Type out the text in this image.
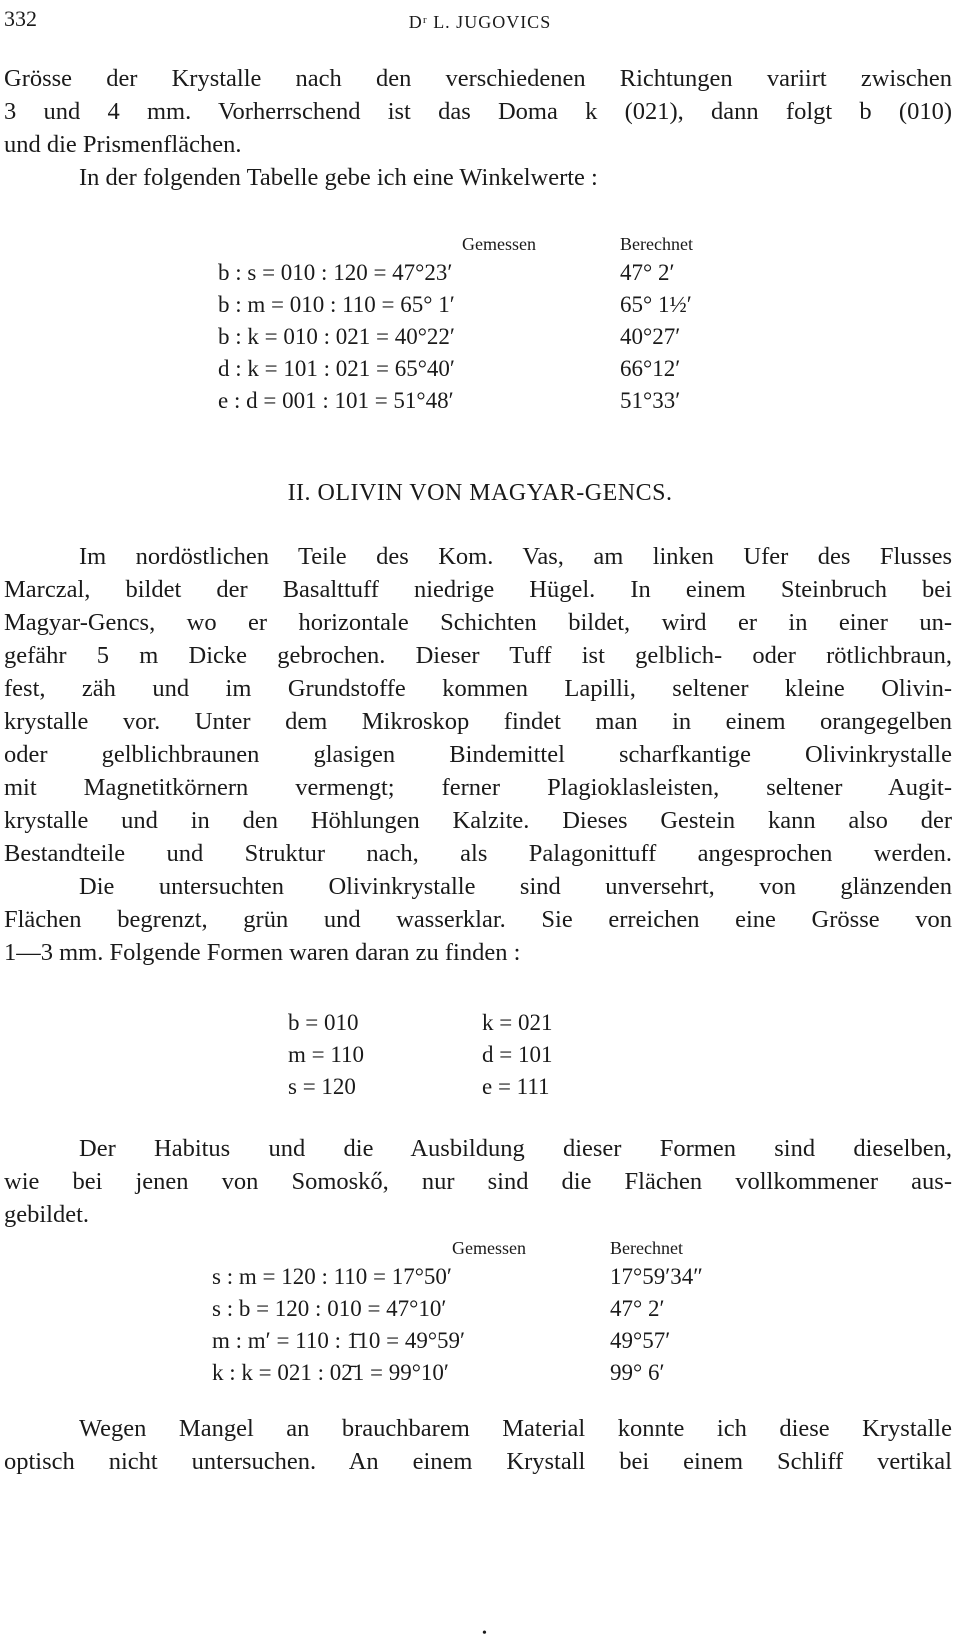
332	Dʳ L. JUGOVICS
Grösse der Krystalle nach den verschiedenen Richtungen variirt zwischen
3 und 4 mm. Vorherrschend ist das Doma k (021), dann folgt b (010)
und die Prismenflächen.
In der folgenden Tabelle gebe ich eine Winkelwerte :
Gemessen	Berechnet
b : s = 010 : 120 = 47°23′	47° 2′
b : m = 010 : 110 = 65° 1′	65° 1½′
b : k = 010 : 021 = 40°22′	40°27′
d : k = 101 : 021 = 65°40′	66°12′
e : d = 001 : 101 = 51°48′	51°33′
II. OLIVIN VON MAGYAR-GENCS.
Im nordöstlichen Teile des Kom. Vas, am linken Ufer des Flusses
Marczal, bildet der Basalttuff niedrige Hügel. In einem Steinbruch bei
Magyar-Gencs, wo er horizontale Schichten bildet, wird er in einer un-
gefähr 5 m Dicke gebrochen. Dieser Tuff ist gelblich- oder rötlichbraun,
fest, zäh und im Grundstoffe kommen Lapilli, seltener kleine Olivin-
krystalle vor. Unter dem Mikroskop findet man in einem orangegelben
oder gelblichbraunen glasigen Bindemittel scharfkantige Olivinkrystalle
mit Magnetitkörnern vermengt; ferner Plagioklasleisten, seltener Augit-
krystalle und in den Höhlungen Kalzite. Dieses Gestein kann also der
Bestandteile und Struktur nach, als Palagonittuff angesprochen werden.
Die untersuchten Olivinkrystalle sind unversehrt, von glänzenden
Flächen begrenzt, grün und wasserklar. Sie erreichen eine Grösse von
1—3 mm. Folgende Formen waren daran zu finden :
b = 010	k = 021
m = 110	d = 101
s = 120	e = 111
Der Habitus und die Ausbildung dieser Formen sind dieselben,
wie bei jenen von Somoskő, nur sind die Flächen vollkommener aus-
gebildet.
Gemessen	Berechnet
s : m = 120 : 110 = 17°50′	17°59′34″
s : b = 120 : 010 = 47°10′	47° 2′
m : m′ = 110 : 1̄10 = 49°59′	49°57′
k : k = 021 : 02̄1 = 99°10′	99° 6′
Wegen Mangel an brauchbarem Material konnte ich diese Krystalle
optisch nicht untersuchen. An einem Krystall bei einem Schliff vertikal
•
